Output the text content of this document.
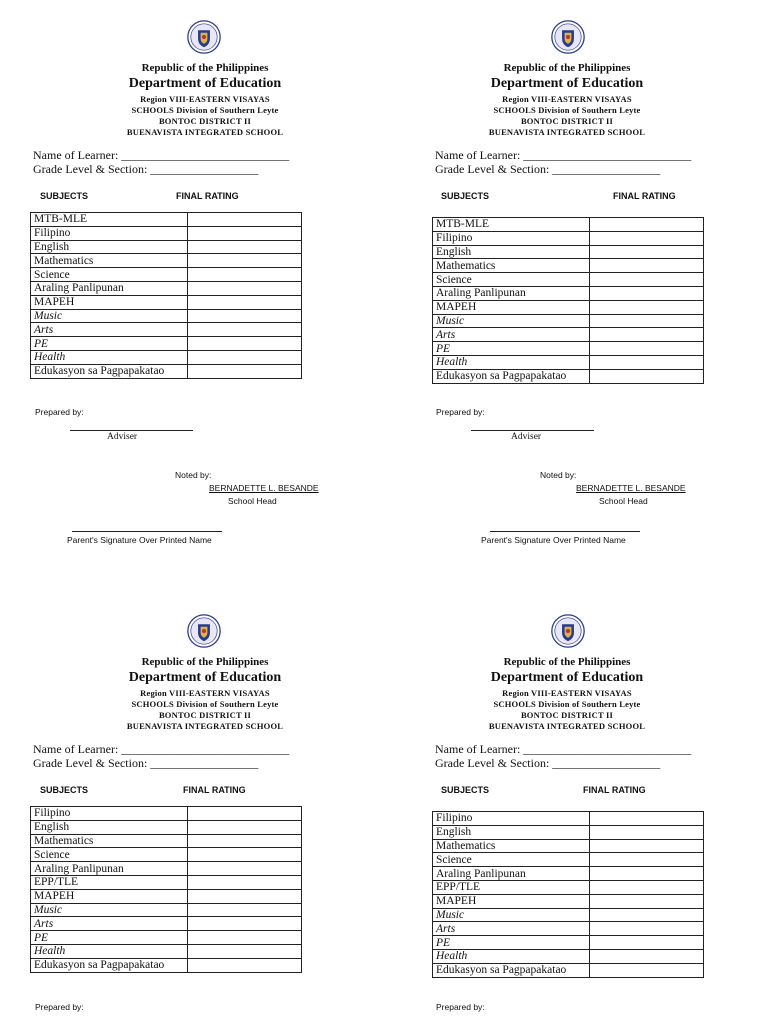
Republic of the Philippines
Department of Education
Region VIII-EASTERN VISAYAS
SCHOOLS Division of Southern Leyte
BONTOC DISTRICT II
BUENAVISTA INTEGRATED SCHOOL
Name of Learner: ____________________________
Grade Level & Section: __________________
SUBJECTS	FINAL RATING
MTB-MLE	
Filipino	
English	
Mathematics	
Science	
Araling Panlipunan	
MAPEH	
Music	
Arts	
PE	
Health	
Edukasyon sa Pagpapakatao	
Prepared by:
Adviser
Noted by:
BERNADETTE L. BESANDE
School Head
Parent's Signature Over Printed Name
Republic of the Philippines
Department of Education
Region VIII-EASTERN VISAYAS
SCHOOLS Division of Southern Leyte
BONTOC DISTRICT II
BUENAVISTA INTEGRATED SCHOOL
Name of Learner: ____________________________
Grade Level & Section: __________________
SUBJECTS	FINAL RATING
MTB-MLE	
Filipino	
English	
Mathematics	
Science	
Araling Panlipunan	
MAPEH	
Music	
Arts	
PE	
Health	
Edukasyon sa Pagpapakatao	
Prepared by:
Adviser
Noted by:
BERNADETTE L. BESANDE
School Head
Parent's Signature Over Printed Name
Republic of the Philippines
Department of Education
Region VIII-EASTERN VISAYAS
SCHOOLS Division of Southern Leyte
BONTOC DISTRICT II
BUENAVISTA INTEGRATED SCHOOL
Name of Learner: ____________________________
Grade Level & Section: __________________
SUBJECTS	FINAL RATING
Filipino	
English	
Mathematics	
Science	
Araling Panlipunan	
EPP/TLE	
MAPEH	
Music	
Arts	
PE	
Health	
Edukasyon sa Pagpapakatao	
Prepared by:
Republic of the Philippines
Department of Education
Region VIII-EASTERN VISAYAS
SCHOOLS Division of Southern Leyte
BONTOC DISTRICT II
BUENAVISTA INTEGRATED SCHOOL
Name of Learner: ____________________________
Grade Level & Section: __________________
SUBJECTS	FINAL RATING
Filipino	
English	
Mathematics	
Science	
Araling Panlipunan	
EPP/TLE	
MAPEH	
Music	
Arts	
PE	
Health	
Edukasyon sa Pagpapakatao	
Prepared by:
